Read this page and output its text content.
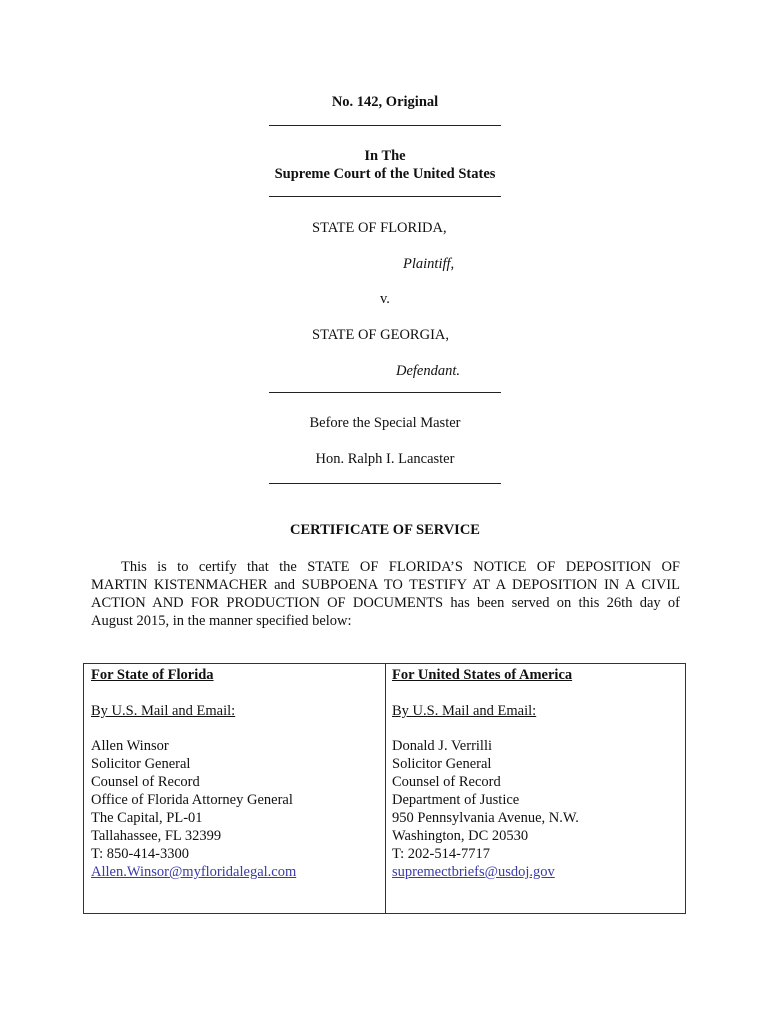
No. 142, Original
In The
Supreme Court of the United States
STATE OF FLORIDA,
Plaintiff,
v.
STATE OF GEORGIA,
Defendant.
Before the Special Master
Hon. Ralph I. Lancaster
CERTIFICATE OF SERVICE
This is to certify that the STATE OF FLORIDA’S NOTICE OF DEPOSITION OF
MARTIN KISTENMACHER and SUBPOENA TO TESTIFY AT A DEPOSITION IN A CIVIL
ACTION AND FOR PRODUCTION OF DOCUMENTS has been served on this 26th day of
August 2015, in the manner specified below:
For State of Florida
By U.S. Mail and Email:
Allen Winsor
Solicitor General
Counsel of Record
Office of Florida Attorney General
The Capital, PL-01
Tallahassee, FL 32399
T: 850-414-3300
Allen.Winsor@myfloridalegal.com
For United States of America
By U.S. Mail and Email:
Donald J. Verrilli
Solicitor General
Counsel of Record
Department of Justice
950 Pennsylvania Avenue, N.W.
Washington, DC 20530
T: 202-514-7717
supremectbriefs@usdoj.gov
